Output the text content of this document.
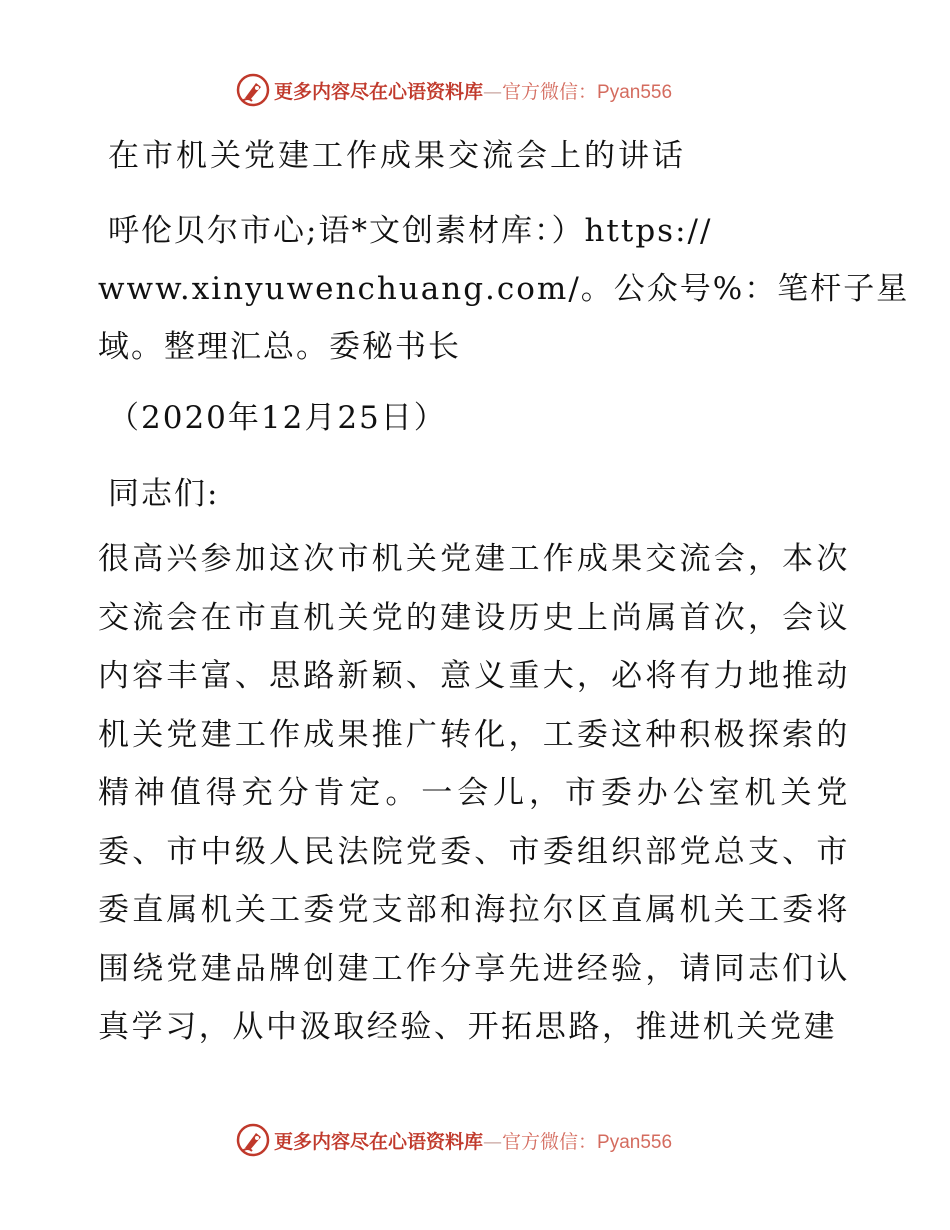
更多内容尽在心语资料库—官方微信：Pyan556
在市机关党建工作成果交流会上的讲话
呼伦贝尔市心;语*文创素材库：）https://
www.xinyuwenchuang.com/。公众号%：笔杆子星
域。整理汇总。委秘书长
（2020年12月25日）
同志们:
很高兴参加这次市机关党建工作成果交流会，本次交流会在市直机关党的建设历史上尚属首次，会议内容丰富、思路新颖、意义重大，必将有力地推动机关党建工作成果推广转化，工委这种积极探索的精神值得充分肯定。一会儿，市委办公室机关党委、市中级人民法院党委、市委组织部党总支、市委直属机关工委党支部和海拉尔区直属机关工委将围绕党建品牌创建工作分享先进经验，请同志们认真学习，从中汲取经验、开拓思路，推进机关党建
更多内容尽在心语资料库—官方微信：Pyan556
